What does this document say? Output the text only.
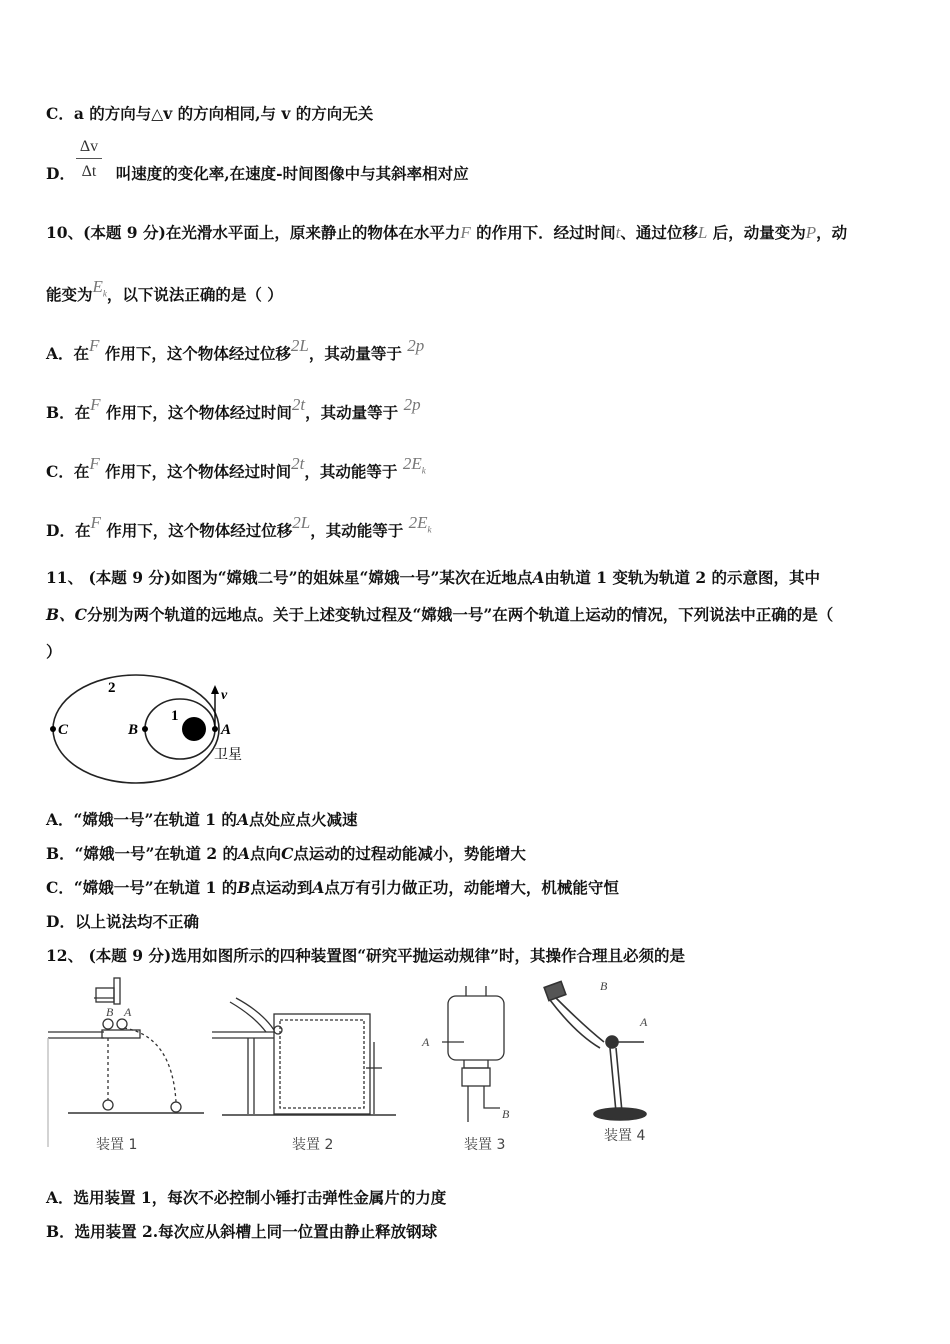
C．a 的方向与△v 的方向相同,与 v 的方向无关
D．	叫速度的变化率,在速度-时间图像中与其斜率相对应
$\frac{\Delta v}{\Delta t}$
10、(本题 9 分)在光滑水平面上，原来静止的物体在水平力F 的作用下．经过时间t、通过位移L 后，动量变为P，动
能变为$E_k$，以下说法正确的是（ ）
A．在F 作用下，这个物体经过位移2L，其动量等于 2p
B．在F 作用下，这个物体经过时间2t，其动量等于 2p
C．在F 作用下，这个物体经过时间2t，其动能等于 $2E_k$
D．在F 作用下，这个物体经过位移2L，其动能等于 $2E_k$
11、 (本题 9 分)如图为“嫦娥二号”的姐妹星“嫦娥一号”某次在近地点A由轨道 1 变轨为轨道 2 的示意图，其中
B、C分别为两个轨道的远地点。关于上述变轨过程及“嫦娥一号”在两个轨道上运动的情况，下列说法中正确的是（
）
2
1
C	B	A
v
卫星
A．“嫦娥一号”在轨道 1 的A点处应点火减速
B．“嫦娥一号”在轨道 2 的A点向C点运动的过程动能减小，势能增大
C．“嫦娥一号”在轨道 1 的B点运动到A点万有引力做正功，动能增大，机械能守恒
D．以上说法均不正确
12、 (本题 9 分)选用如图所示的四种装置图“研究平抛运动规律”时，其操作合理且必须的是
B A
装置 1	装置 2
A
B
装置 3
B
A
装置 4
A．选用装置 1，每次不必控制小锤打击弹性金属片的力度
B．选用装置 2.每次应从斜槽上同一位置由静止释放钢球
